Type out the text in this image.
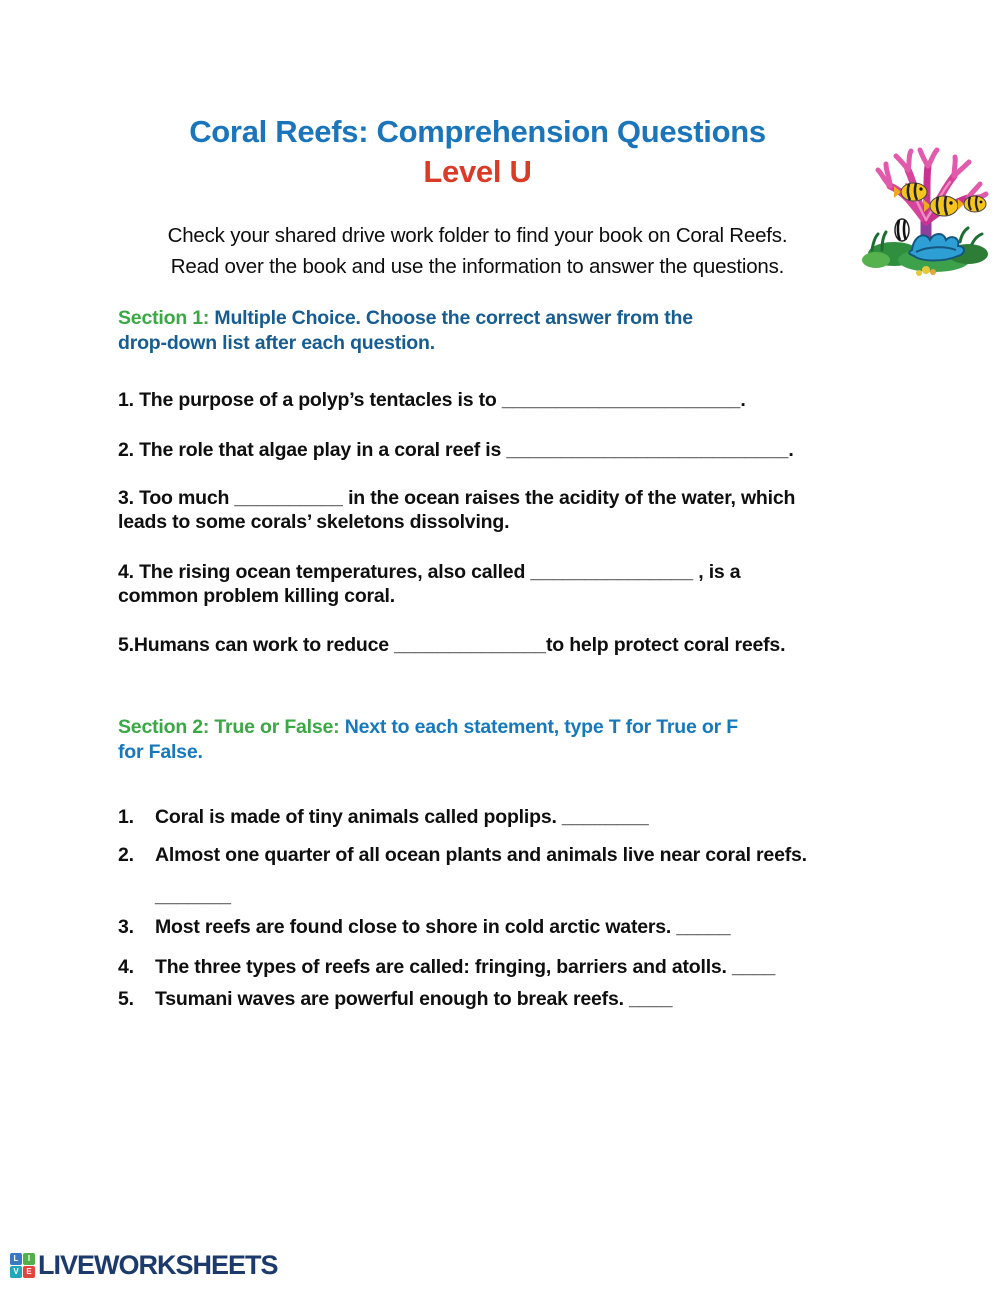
Coral Reefs: Comprehension Questions
Level U
Check your shared drive work folder to find your book on Coral Reefs.
Read over the book and use the information to answer the questions.
Section 1: Multiple Choice. Choose the correct answer from the
drop-down list after each question.

1. The purpose of a polyp’s tentacles is to ______________________.

2. The role that algae play in a coral reef is __________________________.

3. Too much __________ in the ocean raises the acidity of the water, which
leads to some corals’ skeletons dissolving.

4. The rising ocean temperatures, also called _______________ , is a
common problem killing coral.

5.Humans can work to reduce ______________to help protect coral reefs.

Section 2: True or False: Next to each statement, type T for True or F
for False.
1. Coral is made of tiny animals called poplips. ________
2. Almost one quarter of all ocean plants and animals live near coral reefs.
_______
3. Most reefs are found close to shore in cold arctic waters. _____
4. The three types of reefs are called: fringing, barriers and atolls. ____
5. Tsumani waves are powerful enough to break reefs. ____
L	I
V E LIVEWORKSHEETS
